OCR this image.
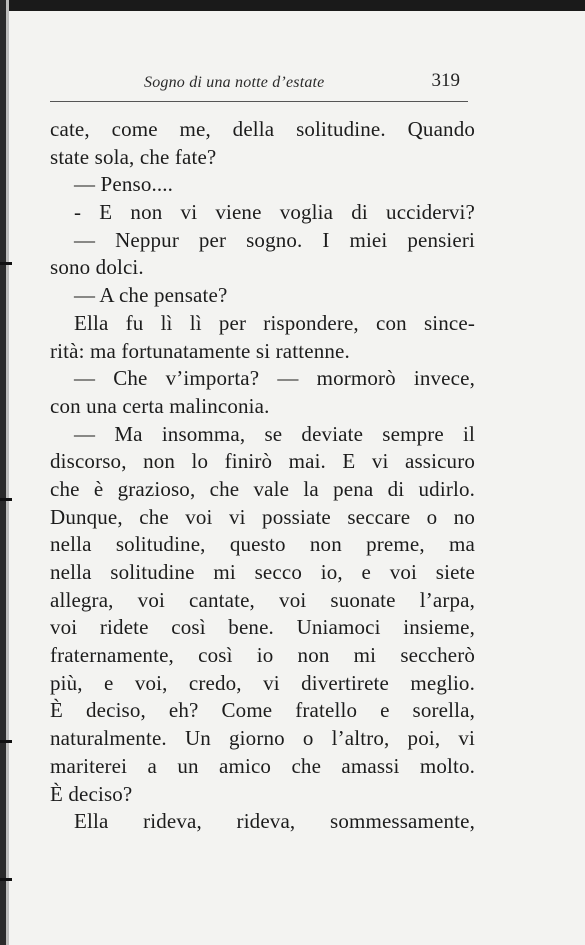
Sogno di una notte d’estate	319
cate, come me, della solitudine. Quando
state sola, che fate?
— Penso....
- E non vi viene voglia di uccidervi?
— Neppur per sogno. I miei pensieri
sono dolci.
— A che pensate?
Ella fu lì lì per rispondere, con since-
rità: ma fortunatamente si rattenne.
— Che v’importa? — mormorò invece,
con una certa malinconia.
— Ma insomma, se deviate sempre il
discorso, non lo finirò mai. E vi assicuro
che è grazioso, che vale la pena di udirlo.
Dunque, che voi vi possiate seccare o no
nella solitudine, questo non preme, ma
nella solitudine mi secco io, e voi siete
allegra, voi cantate, voi suonate l’arpa,
voi ridete così bene. Uniamoci insieme,
fraternamente, così io non mi seccherò
più, e voi, credo, vi divertirete meglio.
È deciso, eh? Come fratello e sorella,
naturalmente. Un giorno o l’altro, poi, vi
mariterei a un amico che amassi molto.
È deciso?
Ella rideva, rideva, sommessamente,
